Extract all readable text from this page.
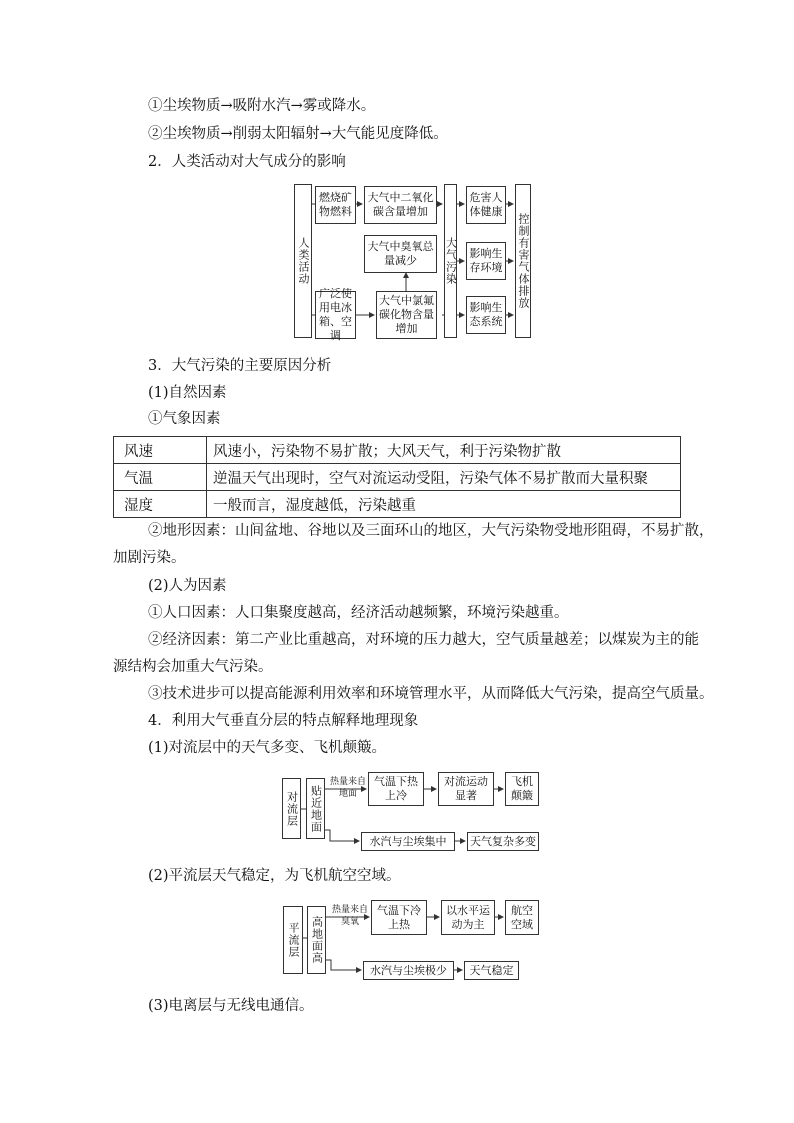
①尘埃物质→吸附水汽→雾或降水。
②尘埃物质→削弱太阳辐射→大气能见度降低。
2．人类活动对大气成分的影响
人类活动
燃烧矿物燃料
大气中二氧化碳含量增加
大气中臭氧总量减少
广泛使用电冰箱、空调
大气中氯氟碳化物含量增加
大气污染
危害人体健康
影响生存环境
影响生态系统
控制有害气体排放
3．大气污染的主要原因分析
(1)自然因素
①气象因素
风速	风速小，污染物不易扩散；大风天气，利于污染物扩散
气温	逆温天气出现时，空气对流运动受阻，污染气体不易扩散而大量积聚
湿度	一般而言，湿度越低，污染越重
②地形因素：山间盆地、谷地以及三面环山的地区，大气污染物受地形阻碍，不易扩散，
加剧污染。
(2)人为因素
①人口因素：人口集聚度越高，经济活动越频繁，环境污染越重。
②经济因素：第二产业比重越高，对环境的压力越大，空气质量越差；以煤炭为主的能
源结构会加重大气污染。
③技术进步可以提高能源利用效率和环境管理水平，从而降低大气污染，提高空气质量。
4．利用大气垂直分层的特点解释地理现象
(1)对流层中的天气多变、飞机颠簸。
对流层	贴近地面
热量来自地面
气温下热上冷
对流运动显著
飞机颠簸
水汽与尘埃集中	天气复杂多变
(2)平流层天气稳定，为飞机航空空域。
平流层 高地面高
热量来自臭氧
气温下冷上热
以水平运动为主
航空空域
水汽与尘埃极少	天气稳定
(3)电离层与无线电通信。
